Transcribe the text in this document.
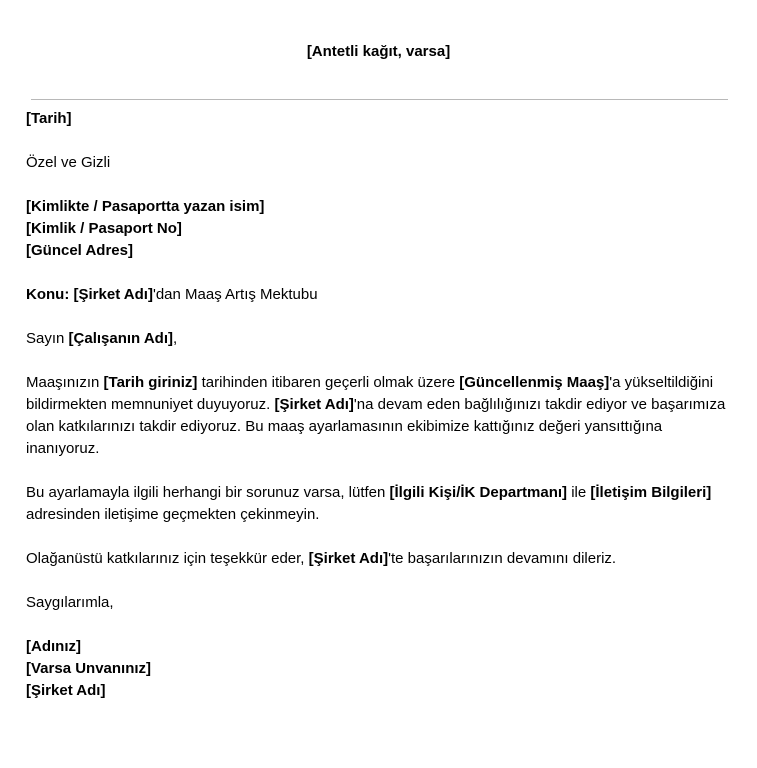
[Antetli kağıt, varsa]

[Tarih]

Özel ve Gizli

[Kimlikte / Pasaportta yazan isim]
[Kimlik / Pasaport No]
[Güncel Adres]

Konu: [Şirket Adı]'dan Maaş Artış Mektubu

Sayın [Çalışanın Adı],

Maaşınızın [Tarih giriniz] tarihinden itibaren geçerli olmak üzere [Güncellenmiş Maaş]'a yükseltildiğini bildirmekten memnuniyet duyuyoruz. [Şirket Adı]'na devam eden bağlılığınızı takdir ediyor ve başarımıza olan katkılarınızı takdir ediyoruz. Bu maaş ayarlamasının ekibimize kattığınız değeri yansıttığına inanıyoruz.

Bu ayarlamayla ilgili herhangi bir sorunuz varsa, lütfen [İlgili Kişi/İK Departmanı] ile [İletişim Bilgileri] adresinden iletişime geçmekten çekinmeyin.

Olağanüstü katkılarınız için teşekkür eder, [Şirket Adı]'te başarılarınızın devamını dileriz.

Saygılarımla,

[Adınız]
[Varsa Unvanınız]
[Şirket Adı]
